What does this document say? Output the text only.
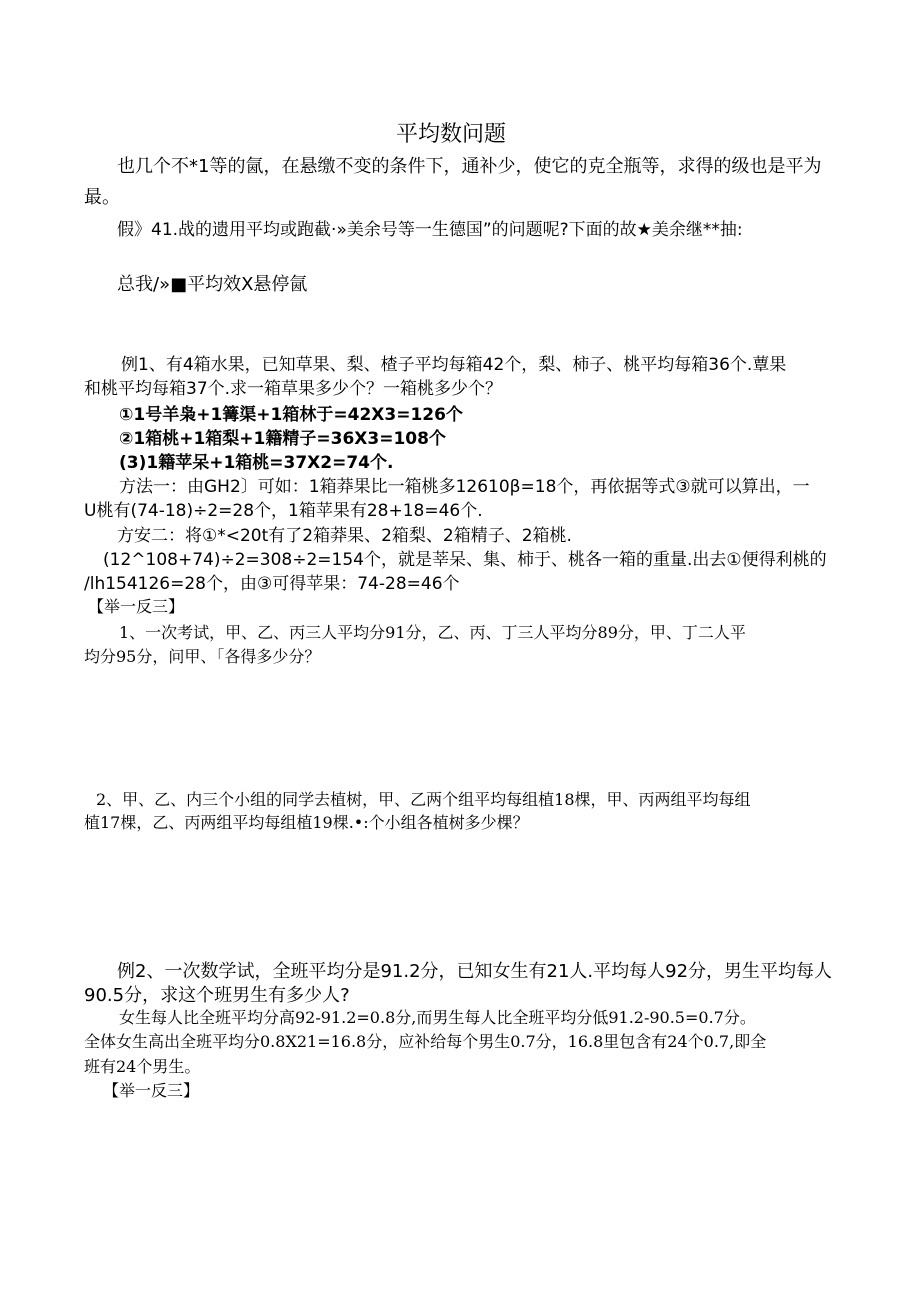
平均数问题
也几个不*1等的氤，在悬缴不变的条件下，通补少，使它的克全瓶等，求得的级也是平为
最。
假》41.战的遗用平均或跑截·»美余号等一生德国”的问题呢?下面的故★美余继**抽:
总我/»■平均效X悬停氤
例1、有4箱水果，已知草果、梨、楂子平均每箱42个，梨、柿子、桃平均每箱36个.蕈果
和桃平均每箱37个.求一箱草果多少个？一箱桃多少个？
①1号羊枭+1篝渠+1箱林于=42X3=126个
②1箱桃+1箱梨+1籍精子=36X3=108个
(3)1籍苹呆+1箱桃=37X2=74个.
方法一：由GH2〕可如：1箱莽果比一箱桃多12610β=18个，再依据等式③就可以算出，一
U桃有(74-18)÷2=28个，1箱苹果有28+18=46个.
方安二：将①*<20t有了2箱莽果、2箱梨、2箱精子、2箱桃.
(12^108+74)÷2=308÷2=154个，就是莘呆、集、柿于、桃各一箱的重量.出去①便得利桃的
/lh154126=28个，由③可得苹果：74-28=46个
【举一反三】
1、一次考试，甲、乙、丙三人平均分91分，乙、丙、丁三人平均分89分，甲、丁二人平
均分95分，问甲、「各得多少分？
2、甲、乙、内三个小组的同学去植树，甲、乙两个组平均每组植18棵，甲、丙两组平均每组
植17棵，乙、丙两组平均每组植19棵.•:个小组各植树多少棵？
例2、一次数学试，全班平均分是91.2分，已知女生有21人.平均每人92分，男生平均每人
90.5分，求这个班男生有多少人?
女生每人比全班平均分高92-91.2=0.8分,而男生每人比全班平均分低91.2-90.5=0.7分。
全体女生高出全班平均分0.8X21=16.8分，应补给每个男生0.7分，16.8里包含有24个0.7,即全
班有24个男生。
【举一反三】
